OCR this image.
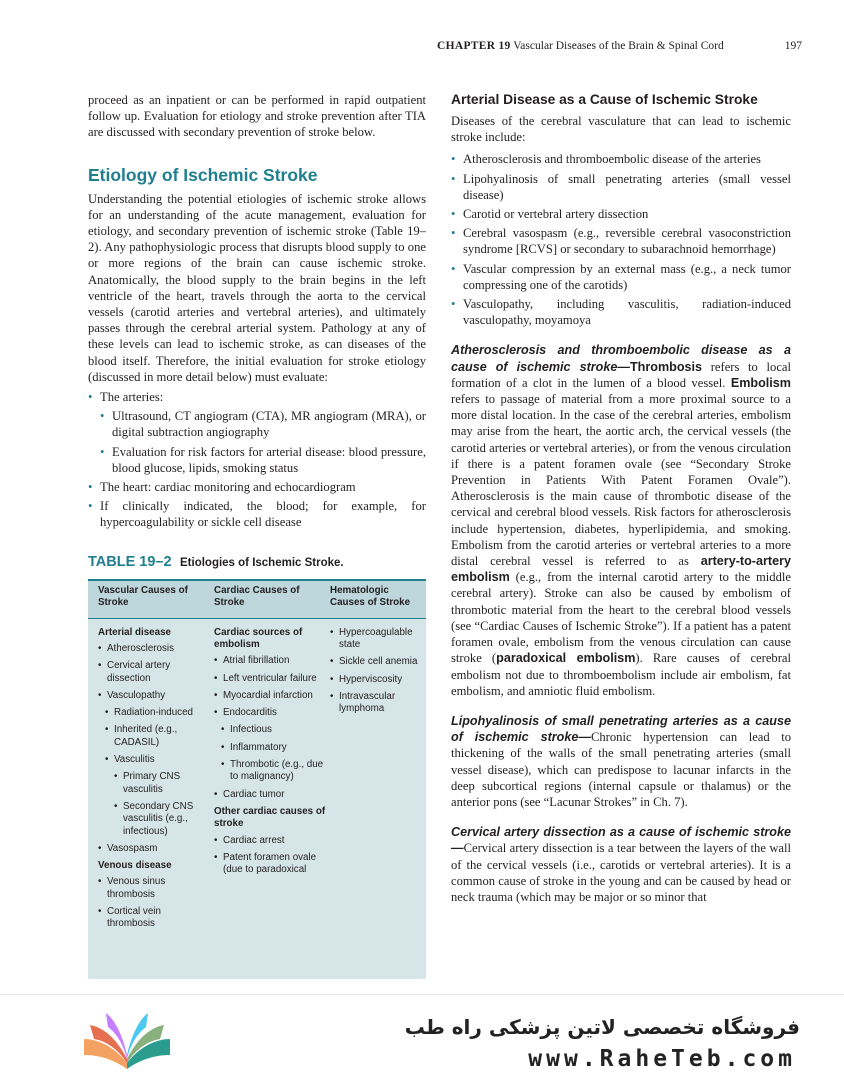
CHAPTER 19 Vascular Diseases of the Brain & Spinal Cord	197

proceed as an inpatient or can be performed in rapid outpatient follow up. Evaluation for etiology and stroke prevention after TIA are discussed with secondary prevention of stroke below.

Etiology of Ischemic Stroke

Understanding the potential etiologies of ischemic stroke allows for an understanding of the acute management, evaluation for etiology, and secondary prevention of ischemic stroke (Table 19–2). Any pathophysiologic process that disrupts blood supply to one or more regions of the brain can cause ischemic stroke. Anatomically, the blood supply to the brain begins in the left ventricle of the heart, travels through the aorta to the cervical vessels (carotid arteries and vertebral arteries), and ultimately passes through the cerebral arterial system. Pathology at any of these levels can lead to ischemic stroke, as can diseases of the blood itself. Therefore, the initial evaluation for stroke etiology (discussed in more detail below) must evaluate:

• The arteries:
• Ultrasound, CT angiogram (CTA), MR angiogram (MRA), or digital subtraction angiography
• Evaluation for risk factors for arterial disease: blood pressure, blood glucose, lipids, smoking status
• The heart: cardiac monitoring and echocardiogram
• If clinically indicated, the blood; for example, for hypercoagulability or sickle cell disease
TABLE 19–2 Etiologies of Ischemic Stroke.
Vascular Causes of Stroke
Cardiac Causes of Stroke
Hematologic Causes of Stroke
Arterial disease
• Atherosclerosis
• Cervical artery dissection
• Vasculopathy
• Radiation-induced
• Inherited (e.g., CADASIL)
• Vasculitis
• Primary CNS vasculitis
• Secondary CNS vasculitis (e.g., infectious)
• Vasospasm
Venous disease
• Venous sinus thrombosis
• Cortical vein thrombosis
Cardiac sources of embolism
• Atrial fibrillation
• Left ventricular failure
• Myocardial infarction
• Endocarditis
• Infectious
• Inflammatory
• Thrombotic (e.g., due to malignancy)
• Cardiac tumor
Other cardiac causes of stroke
• Cardiac arrest
• Patent foramen ovale (due to paradoxical
• Hypercoagulable state
• Sickle cell anemia
• Hyperviscosity
• Intravascular lymphoma
Arterial Disease as a Cause of Ischemic Stroke

Diseases of the cerebral vasculature that can lead to ischemic stroke include:

• Atherosclerosis and thromboembolic disease of the arteries
• Lipohyalinosis of small penetrating arteries (small vessel disease)
• Carotid or vertebral artery dissection
• Cerebral vasospasm (e.g., reversible cerebral vasoconstriction syndrome [RCVS] or secondary to subarachnoid hemorrhage)
• Vascular compression by an external mass (e.g., a neck tumor compressing one of the carotids)
• Vasculopathy, including vasculitis, radiation-induced vasculopathy, moyamoya

Atherosclerosis and thromboembolic disease as a cause of ischemic stroke—Thrombosis refers to local formation of a clot in the lumen of a blood vessel. Embolism refers to passage of material from a more proximal source to a more distal location. In the case of the cerebral arteries, embolism may arise from the heart, the aortic arch, the cervical vessels (the carotid arteries or vertebral arteries), or from the venous circulation if there is a patent foramen ovale (see “Secondary Stroke Prevention in Patients With Patent Foramen Ovale”). Atherosclerosis is the main cause of thrombotic disease of the cervical and cerebral blood vessels. Risk factors for atherosclerosis include hypertension, diabetes, hyperlipidemia, and smoking. Embolism from the carotid arteries or vertebral arteries to a more distal cerebral vessel is referred to as artery-to-artery embolism (e.g., from the internal carotid artery to the middle cerebral artery). Stroke can also be caused by embolism of thrombotic material from the heart to the cerebral blood vessels (see “Cardiac Causes of Ischemic Stroke”). If a patient has a patent foramen ovale, embolism from the venous circulation can cause stroke (paradoxical embolism). Rare causes of cerebral embolism not due to thromboembolism include air embolism, fat embolism, and amniotic fluid embolism.

Lipohyalinosis of small penetrating arteries as a cause of ischemic stroke—Chronic hypertension can lead to thickening of the walls of the small penetrating arteries (small vessel disease), which can predispose to lacunar infarcts in the deep subcortical regions (internal capsule or thalamus) or the anterior pons (see “Lacunar Strokes” in Ch. 7).

Cervical artery dissection as a cause of ischemic stroke—Cervical artery dissection is a tear between the layers of the wall of the cervical vessels (i.e., carotids or vertebral arteries). It is a common cause of stroke in the young and can be caused by head or neck trauma (which may be major or so minor that

فروشگاه تخصصی لاتین پزشکی راه طب
www.RaheTeb.com
